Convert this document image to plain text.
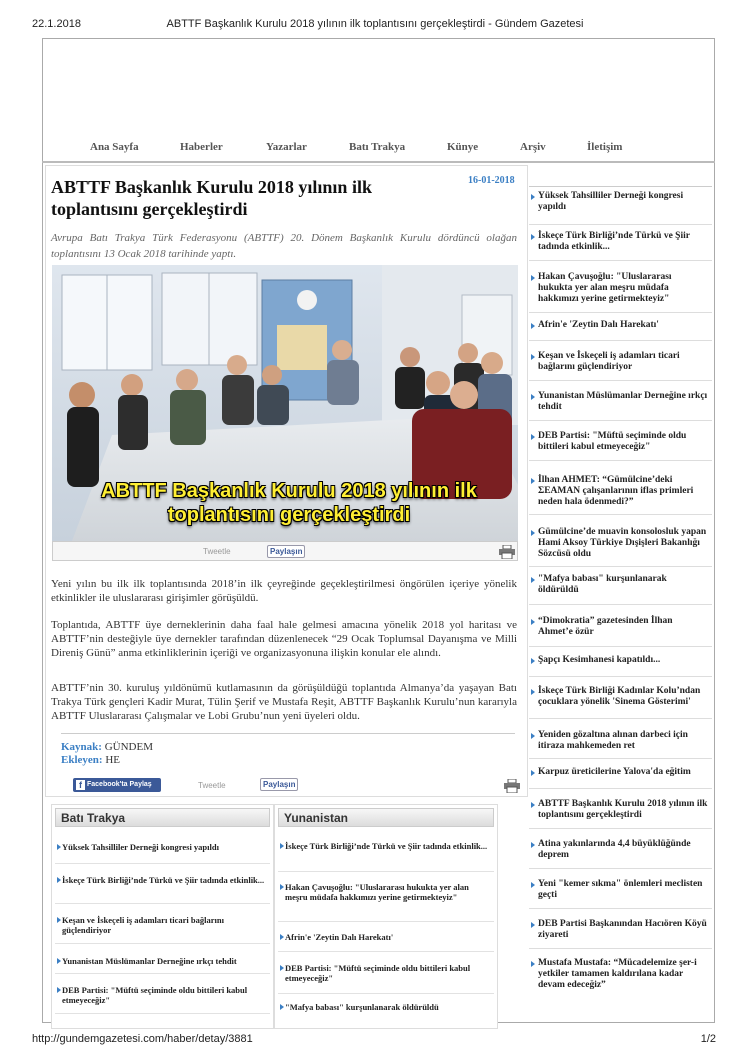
22.1.2018	ABTTF Başkanlık Kurulu 2018 yılının ilk toplantısını gerçekleştirdi - Gündem Gazetesi
Ana Sayfa	Haberler	Yazarlar	Batı Trakya	Künye	Arşiv	İletişim
16-01-2018
ABTTF Başkanlık Kurulu 2018 yılının ilk toplantısını gerçekleştirdi

Avrupa Batı Trakya Türk Federasyonu (ABTTF) 20. Dönem Başkanlık Kurulu dördüncü olağan toplantısını 13 Ocak 2018 tarihinde yaptı.

ABTTF Başkanlık Kurulu 2018 yılının ilk toplantısını gerçekleştirdi
Tweetle	Paylaşın

Yeni yılın bu ilk ilk toplantısında 2018’in ilk çeyreğinde geçekleştirilmesi öngörülen içeriye yönelik etkinlikler ile uluslararası girişimler görüşüldü.

Toplantıda, ABTTF üye derneklerinin daha faal hale gelmesi amacına yönelik 2018 yol haritası ve ABTTF’nin desteğiyle üye dernekler tarafından düzenlenecek “29 Ocak Toplumsal Dayanışma ve Milli Direniş Günü” anma etkinliklerinin içeriği ve organizasyonuna ilişkin konular ele alındı.

ABTTF’nin 30. kuruluş yıldönümü kutlamasının da görüşüldüğü toplantıda Almanya’da yaşayan Batı Trakya Türk gençleri Kadir Murat, Tülin Şerif ve Mustafa Reşit, ABTTF Başkanlık Kurulu’nun kararıyla ABTTF Uluslararası Çalışmalar ve Lobi Grubu’nun yeni üyeleri oldu.

Kaynak: GÜNDEM
Ekleyen: HE
f Facebook'ta Paylaş	Tweetle	Paylaşın
Yüksek Tahsilliler Derneği kongresi yapıldı
İskeçe Türk Birliği’nde Türkü ve Şiir tadında etkinlik...
Hakan Çavuşoğlu: "Uluslararası hukukta yer alan meşru müdafa hakkımızı yerine getirmekteyiz"
Afrin'e 'Zeytin Dalı Harekatı'
Keşan ve İskeçeli iş adamları ticari bağlarını güçlendiriyor
Yunanistan Müslümanlar Derneğine ırkçı tehdit
DEB Partisi: "Müftü seçiminde oldu bittileri kabul etmeyeceğiz"
İlhan AHMET: “Gümülcine’deki ΣΕΑΜΑΝ çalışanlarının iflas primleri neden hala ödenmedi?”
Gümülcine’de muavin konsolosluk yapan Hami Aksoy Türkiye Dışişleri Bakanlığı Sözcüsü oldu
"Mafya babası" kurşunlanarak öldürüldü
“Dimokratia” gazetesinden İlhan Ahmet’e özür
Şapçı Kesimhanesi kapatıldı...
İskeçe Türk Birliği Kadınlar Kolu’ndan çocuklara yönelik 'Sinema Gösterimi'
Yeniden gözaltına alınan darbeci için itiraza mahkemeden ret
Karpuz üreticilerine Yalova'da eğitim
ABTTF Başkanlık Kurulu 2018 yılının ilk toplantısını gerçekleştirdi
Atina yakınlarında 4,4 büyüklüğünde deprem
Yeni "kemer sıkma" önlemleri meclisten geçti
DEB Partisi Başkanından Hacıören Köyü ziyareti
Mustafa Mustafa: “Mücadelemize şer-i yetkiler tamamen kaldırılana kadar devam edeceğiz”
Batı Trakya
Yüksek Tahsilliler Derneği kongresi yapıldı
İskeçe Türk Birliği’nde Türkü ve Şiir tadında etkinlik...
Keşan ve İskeçeli iş adamları ticari bağlarını güçlendiriyor
Yunanistan Müslümanlar Derneğine ırkçı tehdit
DEB Partisi: "Müftü seçiminde oldu bittileri kabul etmeyeceğiz"
Yunanistan
İskeçe Türk Birliği’nde Türkü ve Şiir tadında etkinlik...
Hakan Çavuşoğlu: "Uluslararası hukukta yer alan meşru müdafa hakkımızı yerine getirmekteyiz"
Afrin'e 'Zeytin Dalı Harekatı'
DEB Partisi: "Müftü seçiminde oldu bittileri kabul etmeyeceğiz"
"Mafya babası" kurşunlanarak öldürüldü
http://gundemgazetesi.com/haber/detay/3881	1/2
